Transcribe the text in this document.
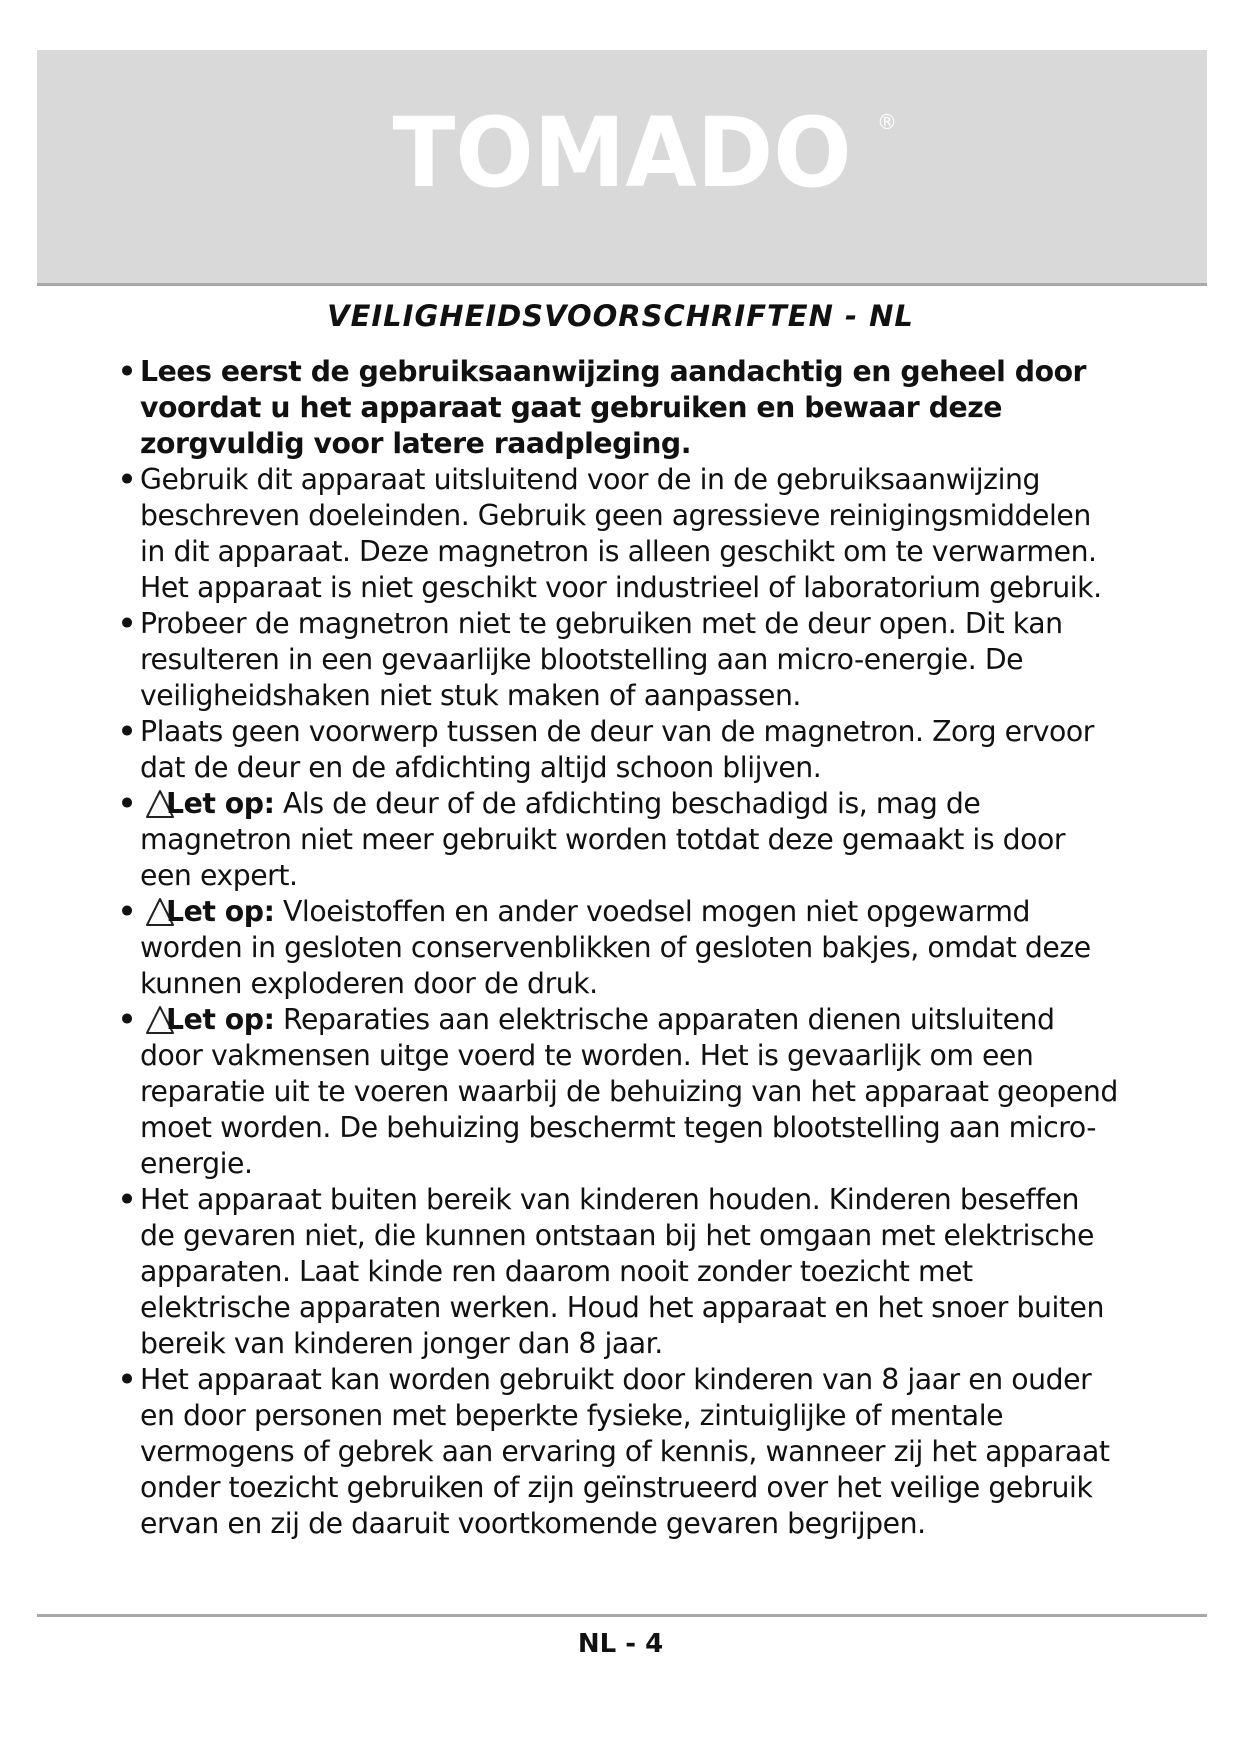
TOMADO	®
VEILIGHEIDSVOORSCHRIFTEN - NL
• Lees eerst de gebruiksaanwijzing aandachtig en geheel door voordat u het apparaat gaat gebruiken en bewaar deze zorgvuldig voor latere raadpleging.
• Gebruik dit apparaat uitsluitend voor de in de gebruiksaanwijzing beschreven doeleinden. Gebruik geen agressieve reinigingsmiddelen in dit apparaat. Deze magnetron is alleen geschikt om te verwarmen. Het apparaat is niet geschikt voor industrieel of laboratorium gebruik.
• Probeer de magnetron niet te gebruiken met de deur open. Dit kan resulteren in een gevaarlijke blootstelling aan micro-energie. De veiligheidshaken niet stuk maken of aanpassen.
• Plaats geen voorwerp tussen de deur van de magnetron. Zorg ervoor dat de deur en de afdichting altijd schoon blijven.
• Let op: Als de deur of de afdichting beschadigd is, mag de magnetron niet meer gebruikt worden totdat deze gemaakt is door een expert.
• Let op: Vloeistoffen en ander voedsel mogen niet opgewarmd worden in gesloten conservenblikken of gesloten bakjes, omdat deze kunnen exploderen door de druk.
• Let op: Reparaties aan elektrische apparaten dienen uitsluitend door vakmensen uitge voerd te worden. Het is gevaarlijk om een reparatie uit te voeren waarbij de behuizing van het apparaat geopend moet worden. De behuizing beschermt tegen blootstelling aan micro-energie.
• Het apparaat buiten bereik van kinderen houden. Kinderen beseffen de gevaren niet, die kunnen ontstaan bij het omgaan met elektrische apparaten. Laat kinde ren daarom nooit zonder toezicht met elektrische apparaten werken. Houd het apparaat en het snoer buiten bereik van kinderen jonger dan 8 jaar.
• Het apparaat kan worden gebruikt door kinderen van 8 jaar en ouder en door personen met beperkte fysieke, zintuiglijke of mentale vermogens of gebrek aan ervaring of kennis, wanneer zij het apparaat onder toezicht gebruiken of zijn geïnstrueerd over het veilige gebruik ervan en zij de daaruit voortkomende gevaren begrijpen.
NL - 4
